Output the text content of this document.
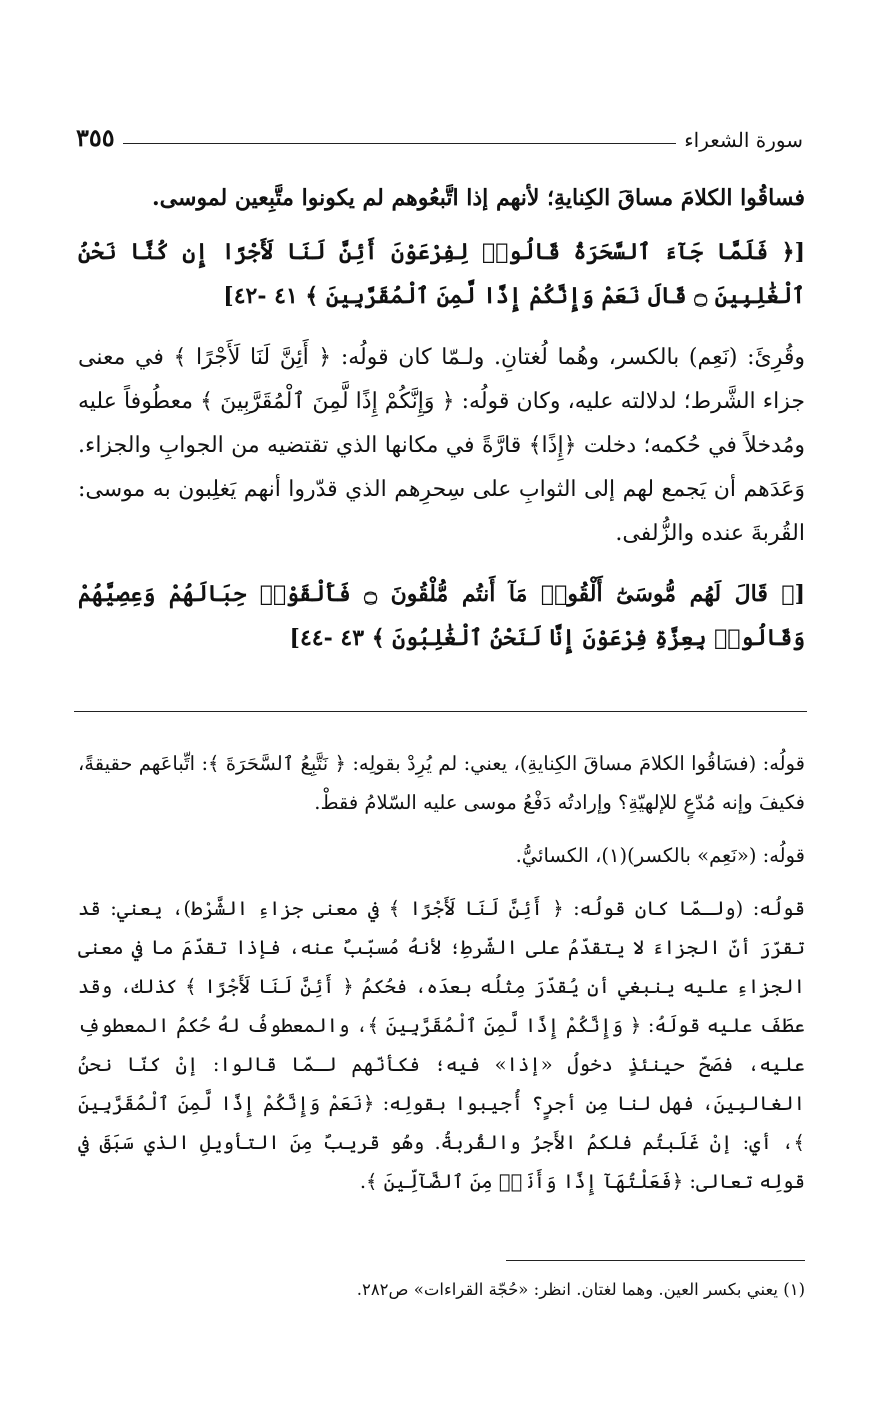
سورة الشعراء
٣٥٥

فساقُوا الكلامَ مساقَ الكِنايةِ؛ لأنهم إذا اتَّبعُوهم لم يكونوا متَّبِعين لموسى.

[﴿ فَلَمَّا جَآءَ ٱلسَّحَرَةُ قَالُوا۟ لِفِرْعَوْنَ أَئِنَّ لَنَا لَأَجْرًا إِن كُنَّا نَحْنُ ٱلْغَٰلِبِينَ ۝ قَالَ نَعَمْ وَإِنَّكُمْ إِذًا لَّمِنَ ٱلْمُقَرَّبِينَ ﴾ ٤١ -٤٢]

وقُرِئَ: (نَعِم) بالكسر، وهُما لُغتانِ. ولـمّا كان قولُه: ﴿ أَئِنَّ لَنَا لَأَجْرًا ﴾ في معنى جزاء الشَّرط؛ لدلالته عليه، وكان قولُه: ﴿ وَإِنَّكُمْ إِذًا لَّمِنَ ٱلْمُقَرَّبِينَ ﴾ معطُوفاً عليه ومُدخلاً في حُكمه؛ دخلت ﴿إِذًا﴾ قارَّةً في مكانها الذي تقتضيه من الجوابِ والجزاء. وَعَدَهم أن يَجمع لهم إلى الثوابِ على سِحرِهم الذي قدّروا أنهم يَغلِبون به موسى: القُربةَ عنده والزُّلفى.

[﴿ قَالَ لَهُم مُّوسَىٰٓ أَلْقُوا۟ مَآ أَنتُم مُّلْقُونَ ۝ فَأَلْقَوْا۟ حِبَالَهُمْ وَعِصِيَّهُمْ وَقَالُوا۟ بِعِزَّةِ فِرْعَوْنَ إِنَّا لَنَحْنُ ٱلْغَٰلِبُونَ ﴾ ٤٣ -٤٤]

قولُه: (فسَاقُوا الكلامَ مساقَ الكِنايةِ)، يعني: لم يُرِدْ بقولِه: ﴿ نَتَّبِعُ ٱلسَّحَرَةَ ﴾: اتِّباعَهم حقيقةً، فكيفَ وإنه مُدّعٍ للإلهيّةِ؟ وإرادتُه دَفْعُ موسى عليه السّلامُ فقطْ.

قولُه: («نَعِم» بالكسر)(١)، الكسائيُّ.

قولُه: (ولـمّا كان قولُه: ﴿ أَئِنَّ لَنَا لَأَجْرًا ﴾ في معنى جزاءِ الشَّرْط)، يعني: قد تقرّرَ أنّ الجزاءَ لا يتقدّمُ على الشّرطِ؛ لأنهُ مُسبّبٌ عنه، فإذا تقدّمَ ما في معنى الجزاءِ عليه ينبغي أن يُقدّرَ مِثلُه بعدَه، فحُكمُ ﴿ أَئِنَّ لَنَا لَأَجْرًا ﴾ كذلك، وقد عطَفَ عليه قولَهُ: ﴿ وَإِنَّكُمْ إِذًا لَّمِنَ ٱلْمُقَرَّبِينَ ﴾، والمعطوفُ لهُ حُكمُ المعطوفِ عليه، فصَحّ حينئذٍ دخولُ «إذا» فيه؛ فكأنّهم لـمّا قالوا: إنْ كنّا نحنُ الغالبِينَ، فهل لنا مِن أجرٍ؟ أُجيبوا بقولِه: ﴿نَعَمْ وَإِنَّكُمْ إِذًا لَّمِنَ ٱلْمُقَرَّبِينَ ﴾، أي: إنْ غَلَبتُم فلكمُ الأَجرُ والقُربةُ. وهُو قريبٌ مِنَ التأويلِ الذي سَبَقَ في قولِه تعالى: ﴿فَعَلْتُهَآ إِذًا وَأَنَا۠ مِنَ ٱلضَّآلِّينَ ﴾.

(١) يعني بكسر العين. وهما لغتان. انظر: «حُجّة القراءات» ص٢٨٢.
